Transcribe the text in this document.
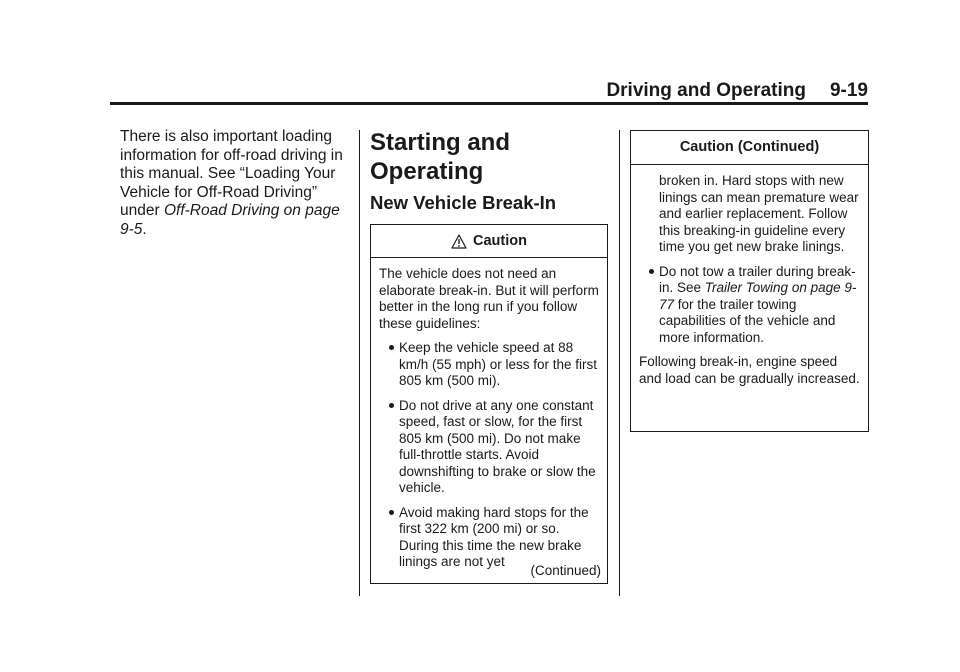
Driving and Operating 9-19
There is also important loading information for off-road driving in this manual. See “Loading Your Vehicle for Off-Road Driving” under Off-Road Driving on page 9-5.
Starting and Operating
New Vehicle Break-In
Caution

The vehicle does not need an elaborate break-in. But it will perform better in the long run if you follow these guidelines:

Keep the vehicle speed at 88 km/h (55 mph) or less for the first 805 km (500 mi).
Do not drive at any one constant speed, fast or slow, for the first 805 km (500 mi). Do not make full-throttle starts. Avoid downshifting to brake or slow the vehicle.
Avoid making hard stops for the first 322 km (200 mi) or so. During this time the new brake linings are not yet
(Continued)
Caution (Continued)
broken in. Hard stops with new linings can mean premature wear and earlier replacement. Follow this breaking-in guideline every time you get new brake linings.
Do not tow a trailer during break-in. See Trailer Towing on page 9-77 for the trailer towing capabilities of the vehicle and more information.

Following break-in, engine speed and load can be gradually increased.
